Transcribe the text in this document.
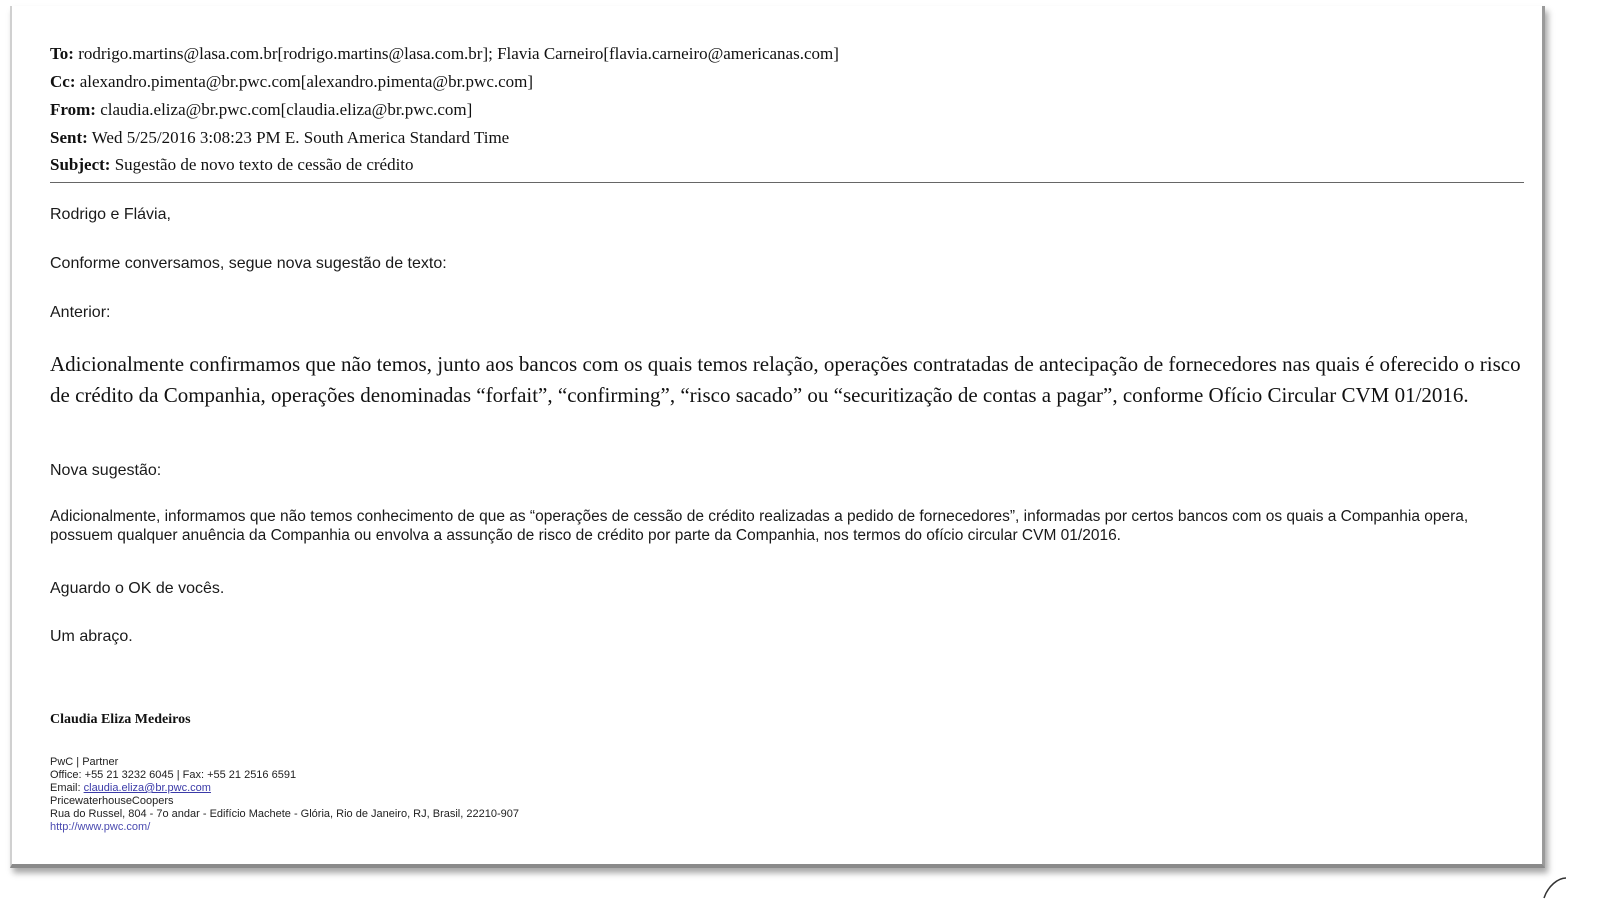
To: rodrigo.martins@lasa.com.br[rodrigo.martins@lasa.com.br]; Flavia Carneiro[flavia.carneiro@americanas.com]
Cc: alexandro.pimenta@br.pwc.com[alexandro.pimenta@br.pwc.com]
From: claudia.eliza@br.pwc.com[claudia.eliza@br.pwc.com]
Sent: Wed 5/25/2016 3:08:23 PM E. South America Standard Time
Subject: Sugestão de novo texto de cessão de crédito
Rodrigo e Flávia,
Conforme conversamos, segue nova sugestão de texto:
Anterior:
Adicionalmente confirmamos que não temos, junto aos bancos com os quais temos relação, operações contratadas de antecipação de fornecedores nas quais é oferecido o risco de crédito da Companhia, operações denominadas “forfait”, “confirming”, “risco sacado” ou “securitização de contas a pagar”, conforme Ofício Circular CVM 01/2016.
Nova sugestão:
Adicionalmente, informamos que não temos conhecimento de que as “operações de cessão de crédito realizadas a pedido de fornecedores”, informadas por certos bancos com os quais a Companhia opera, possuem qualquer anuência da Companhia ou envolva a assunção de risco de crédito por parte da Companhia, nos termos do ofício circular CVM 01/2016.
Aguardo o OK de vocês.
Um abraço.
Claudia Eliza Medeiros
PwC | Partner
Office: +55 21 3232 6045 | Fax: +55 21 2516 6591
Email: claudia.eliza@br.pwc.com
PricewaterhouseCoopers
Rua do Russel, 804 - 7o andar - Edifício Machete - Glória, Rio de Janeiro, RJ, Brasil, 22210-907
http://www.pwc.com/
